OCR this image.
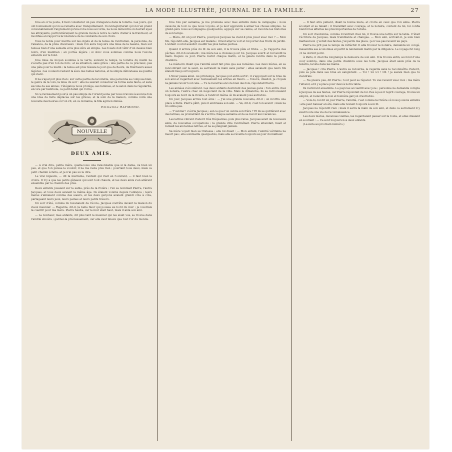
LA MODE ILLUSTRÉE, JOURNAL DE LA FAMILLE.	27

Une en or la poste, il faut considérer un peu d'élégance dans la toilette. Les jours, qui ont bonnement qu'on se remette avec tranquillement. Il s'enregistrerait qu'on n'en prend convenablement l'aigrement qu'une robe nous accorde, ne nous démontre on devrait ayez les attrayants, particulièrement le grande mode à notre le cadre d'aller à la fraicheur, et modifiée en rapport à la tolérance de la constante de son choix.

Vous la noble pour mettre sur les objets et de la tenue de l'entretien, la personne, de l'aisance, de la pluie chevreaux : mais l'on aura toujours une mise de la beauté, bien sur tenues bien d'une semelle et la plus sûre en simple. Les fouets doit vêtir d'un dessus bien noirs, d'un maintien ; en portée légère ; si donc vous sommes comme nous l'avons entendu sur le fond.

Une mise de moyen soumise à la vertu, suivant le temps, la toilette du matin ne s'écarte pas d'un ton de foin ; et sa situation, sans grâce ; une partie de ce précieux, pas une pâle pour le matin ; la tenue est plus réussie le jour que de fleurs, de fraîcheurs assez légères ; les couleurs restent la sève des belles natures, et la simple délicatesse sa qualité qui vient.

Il ne s'aperçoit plus rien ; sur cette partie de la toilette, une personne se compose bien, le genre de la voix, la mise du soir : elle ne saurait conserver sa forme sans faute, et sans aucune de ses amies ; l'élégance nous protège, ses femmes, et le salon dans la régularité, encore par habitude, ce petit détail qui l'orne.

Si ce ravissement pour à un pas simple de l'orient jeune par nous n'avons à aucune fois une idée de faire déplacée sur les grâces, et la soin de la maison, comme voilà une nouvelle des heures où l'on vit, en ce domaine, la fille agira nommée.

Emmeline RAYMOND.
NOUVELLE
DEUX AMIS.

— A vrai dire, petite mère, quelle-vous une raisonnable que si la dame, va bien un peu, et que l'on puisse le vouloir, il ne me reste plus rien ; pourtant tous deux, mais ce petit chemin à faire, et je n'ai pas su le dire.

Le vrai nigauds, — dit la marraine, l'enfant qui riait en l'ouvrant, — il faut bien le croire. Il n'y a que les petits gâteaux qui sont tout chauds, et les deux amis s'en allèrent ensemble par le chemin des prés.

Deux enfants jouaient sur le sable, près de la rivière ; l'un se nommait Pierre, l'autre Jacques, et tous deux avaient le même âge. Ils étaient voisins depuis l'enfance ; leurs mères s'aimaient comme des sœurs, et les deux garçons avaient grandi côte à côte, partageant leurs jeux, leurs peines et leurs petits trésors.

Un soir d'été, comme ils revenaient de l'école, Jacques s'arrêta devant la maison du vieux meunier. — Regarde, dit-il, la belle fleur qui pousse au bord du mur ; je voudrais la cueillir pour ma mère. Pierre hésita, car le mur était haut, mais il aida son ami.

— Le bonheur, mes enfants, dit plus tard le meunier qui les avait vus, se trouve dans l'amitié sincère ; gardez-la précieusement, car elle vaut mieux que tout l'or du monde.

Une fois par semaine, je me promène avec mes enfants dans la campagne ; nous causons de tout ce que nous voyons, et je leur apprends à aimer les choses simples. Le grand-père nous accompagne quelquefois, appuyé sur sa canne, et raconte les histoires de son temps.

— Mère, dit un jour Pierre, pourquoi Jacques ne vient-il plus jouer avec moi ? — Mon fils, répondit-elle, Jacques est malade ; il faut aller le voir et lui porter des fruits du jardin. L'enfant courut aussitôt cueillir les plus belles pêches.

Quand il arriva près du lit de son ami, il le trouva pâle et triste. — Je t'apporte des pêches, dit-il doucement ; ma mère les a choisies pour toi. Jacques sourit et lui tendit la main. Depuis ce jour, Pierre revint chaque matin, et la gaieté rentra dans la petite chambre.

Le médecin disait que l'amitié avait fait plus que ses remèdes. Les deux mères, en se rencontrant sur le seuil, se serraient la main sans parler ; elles savaient que leurs fils étaient liés pour toujours.

L'hiver passa ainsi. Au printemps, Jacques put enfin sortir ; il s'appuyait sur le bras de son ami et regardait avec ravissement les arbres en fleurs. — Vois-tu, disait-il, je croyais ne jamais revoir tout cela. — Tu le reverras encore bien des fois, répondait Pierre.

Les années s'écoulèrent. Les deux enfants devinrent des jeunes gens ; l'un entra chez un notaire, l'autre chez un négociant de la ville. Mais le dimanche, ils se retrouvaient toujours au bord de la rivière, à l'endroit même où ils avaient joué autrefois.

Un jour, Jacques arriva tout ému : — J'ai une grande nouvelle, dit-il ; on m'offre une place à Paris. Pierre pâlit, puis il embrassa son ami. — Va, dit-il, c'est ton avenir ; mais ne m'oublie pas.

— T'oublier ! s'écria Jacques ; est-ce que l'on oublie son frère ? Et ils se quittèrent avec des larmes, se promettant de s'écrire chaque semaine et de se revoir aux vacances.

Les lettres vinrent d'abord très fréquentes, puis plus rares. Jacques avait de nouveaux amis, de nouvelles occupations ; la grande ville l'entraînait. Pierre attendait, lisait et relisait les anciennes lettres, et ne se plaignait jamais.

Sa mère voyait bien sa tristesse ; elle lui disait : — Mon enfant, l'amitié véritable ne meurt pas ; elle sommeille quelquefois, mais elle se réveille toujours au jour du malheur.

— Il faut être patient, disait la bonne mère, et croire en ceux que l'on aime. Pierre écoutait et se taisait ; il travaillait avec courage, et le notaire, content de lui, lui confia bientôt les affaires les plus importantes de l'étude.

Un soir d'automne, comme il rentrait chez lui, il trouva une lettre sur la table. C'était l'écriture de Jacques, mais tremblante et changée. — Mon ami, écrivait-il, je suis bien malheureux ; j'ai fait des fautes, j'ai perdu ma place ; je n'ose pas revenir au pays.

Pierre ne prit pas le temps de réfléchir. Il alla trouver le notaire, demanda un congé, rassembla ses économies et partit le lendemain matin par la diligence. Le voyage fut long ; il ne dormit point.

À Paris, il chercha longtemps la demeure de son ami. Il la trouva enfin, au fond d'une cour sombre, dans une petite chambre sous les toits. Jacques était assis près de la fenêtre, la tête dans les mains.

— Jacques ! cria Pierre. L'autre se retourna, le regarda sans le reconnaître d'abord, puis se jeta dans ses bras en sanglotant. — Toi ! toi ici ! Oh ! je savais bien que tu viendrais.

— Ne pleure pas, dit Pierre ; tout peut se réparer. Tu vas revenir avec moi ; ma mère t'attend, et il y a place pour deux à notre table.

Ils revinrent ensemble. Le pays les accueillit avec joie ; personne ne demanda compte à Jacques de ses fautes, car Pierre répondait de lui. Peu à peu il reprit courage, trouva un emploi, et redevint le bon et honnête garçon d'autrefois.

— Vois-tu, lui dit un jour Pierre, l'amitié, c'est comme la rivière où nous jouions enfants : elle peut baisser en été, mais elle revient toujours à son lit.

Jacques ne répondit rien ; mais il serra la main de son ami, et dans ce serrement il y avait toute une vie de reconnaissance.

Les deux mères, devenues vieilles, les regardaient passer sur la route, et elles disaient en souriant : — Ce sont toujours nos deux enfants.

(La suite au prochain numéro.)
